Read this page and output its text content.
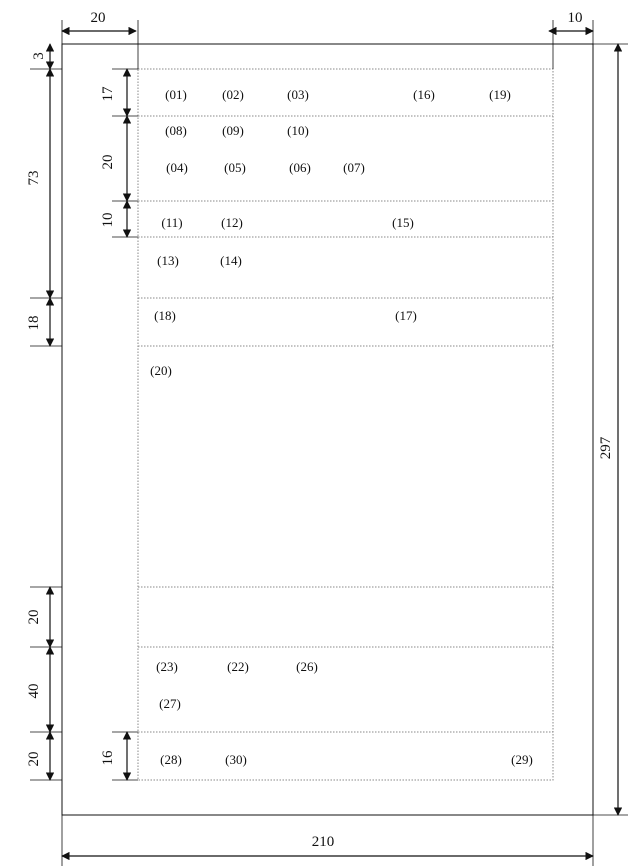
20	10
210
297
3
73
18
20
40
20
17
20
10
16
(01)	(02)	(03)	(16)	(19)
(08)	(09)	(10)
(04)	(05)	(06) (07)
(11)	(12)	(15)
(13)	(14)
(18)	(17)
(20)
(23)	(22)	(26)
(27)
(28)	(30)	(29)
